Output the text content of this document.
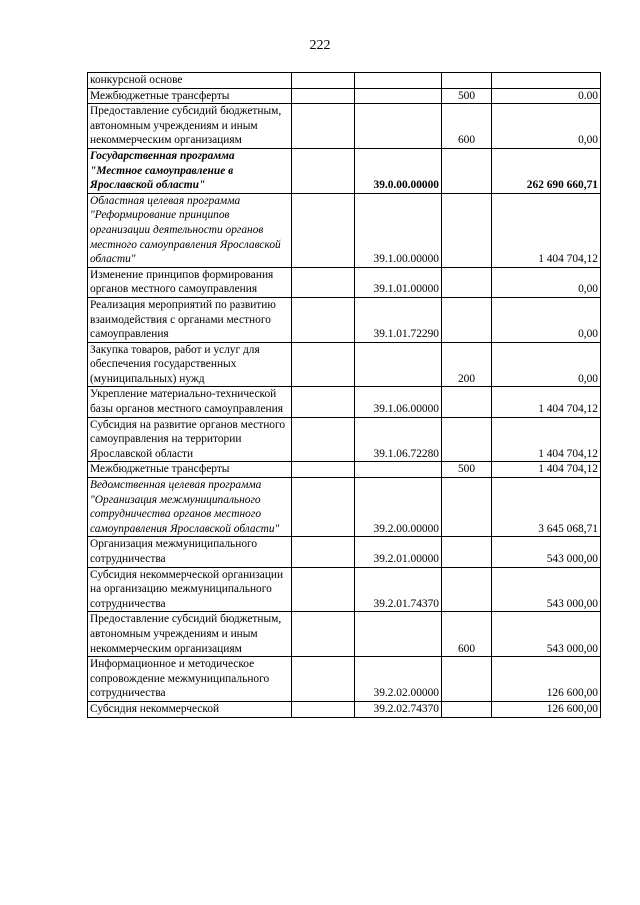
222
конкурсной основе				
Межбюджетные трансферты			500	0.00
Предоставление субсидий бюджетным, автономным учреждениям и иным некоммерческим организациям			600	0,00
Государственная программа "Местное самоуправление в Ярославской области"		39.0.00.00000		262 690 660,71
Областная целевая программа "Реформирование принципов организации деятельности органов местного самоуправления Ярославской области"		39.1.00.00000		1 404 704,12
Изменение принципов формирования органов местного самоуправления		39.1.01.00000		0,00
Реализация мероприятий по развитию взаимодействия с органами местного самоуправления		39.1.01.72290		0,00
Закупка товаров, работ и услуг для обеспечения государственных (муниципальных) нужд			200	0,00
Укрепление материально-технической базы органов местного самоуправления		39.1.06.00000		1 404 704,12
Субсидия на развитие органов местного самоуправления на территории Ярославской области		39.1.06.72280		1 404 704,12
Межбюджетные трансферты			500	1 404 704,12
Ведомственная целевая программа "Организация межмуниципального сотрудничества органов местного самоуправления Ярославской области"		39.2.00.00000		3 645 068,71
Организация межмуниципального сотрудничества		39.2.01.00000		543 000,00
Субсидия некоммерческой организации на организацию межмуниципального сотрудничества		39.2.01.74370		543 000,00
Предоставление субсидий бюджетным, автономным учреждениям и иным некоммерческим организациям			600	543 000,00
Информационное и методическое сопровождение межмуниципального сотрудничества		39.2.02.00000		126 600,00
Субсидия некоммерческой		39.2.02.74370		126 600,00
